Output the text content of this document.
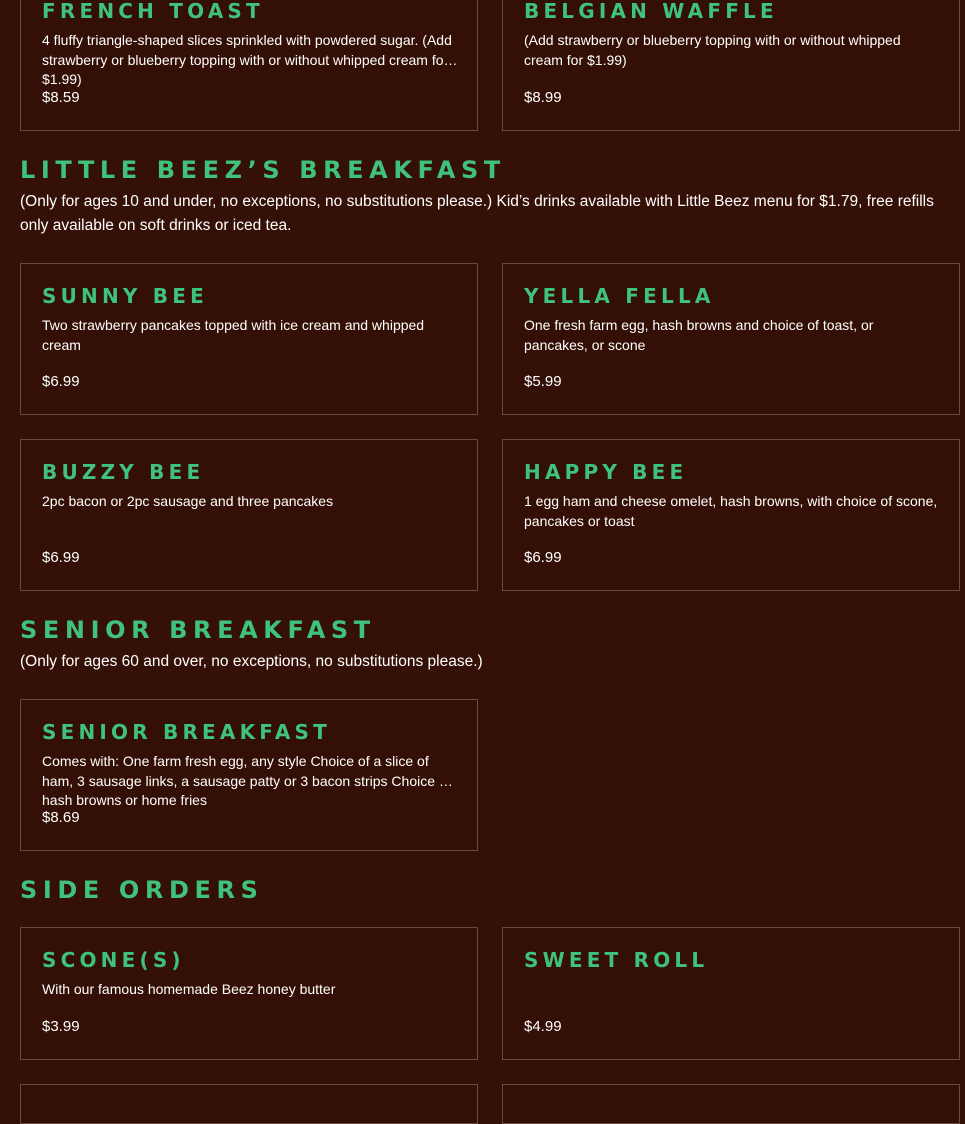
FRENCH TOAST

4 fluffy triangle-shaped slices sprinkled with powdered sugar. (Add strawberry or blueberry topping with or without whipped cream for $1.99)

$8.59

BELGIAN WAFFLE

(Add strawberry or blueberry topping with or without whipped cream for $1.99)

$8.99

LITTLE BEEZ’S BREAKFAST

(Only for ages 10 and under, no exceptions, no substitutions please.) Kid’s drinks available with Little Beez menu for $1.79, free refills only available on soft drinks or iced tea.

SUNNY BEE

Two strawberry pancakes topped with ice cream and whipped cream

$6.99

YELLA FELLA

One fresh farm egg, hash browns and choice of toast, or pancakes, or scone

$5.99

BUZZY BEE

2pc bacon or 2pc sausage and three pancakes

$6.99

HAPPY BEE

1 egg ham and cheese omelet, hash browns, with choice of scone, pancakes or toast

$6.99

SENIOR BREAKFAST

(Only for ages 60 and over, no exceptions, no substitutions please.)

SENIOR BREAKFAST

Comes with: One farm fresh egg, any style Choice of a slice of ham, 3 sausage links, a sausage patty or 3 bacon strips Choice of hash browns or home fries

$8.69

SIDE ORDERS
SCONE(S)

With our famous homemade Beez honey butter

$3.99

SWEET ROLL

$4.99
